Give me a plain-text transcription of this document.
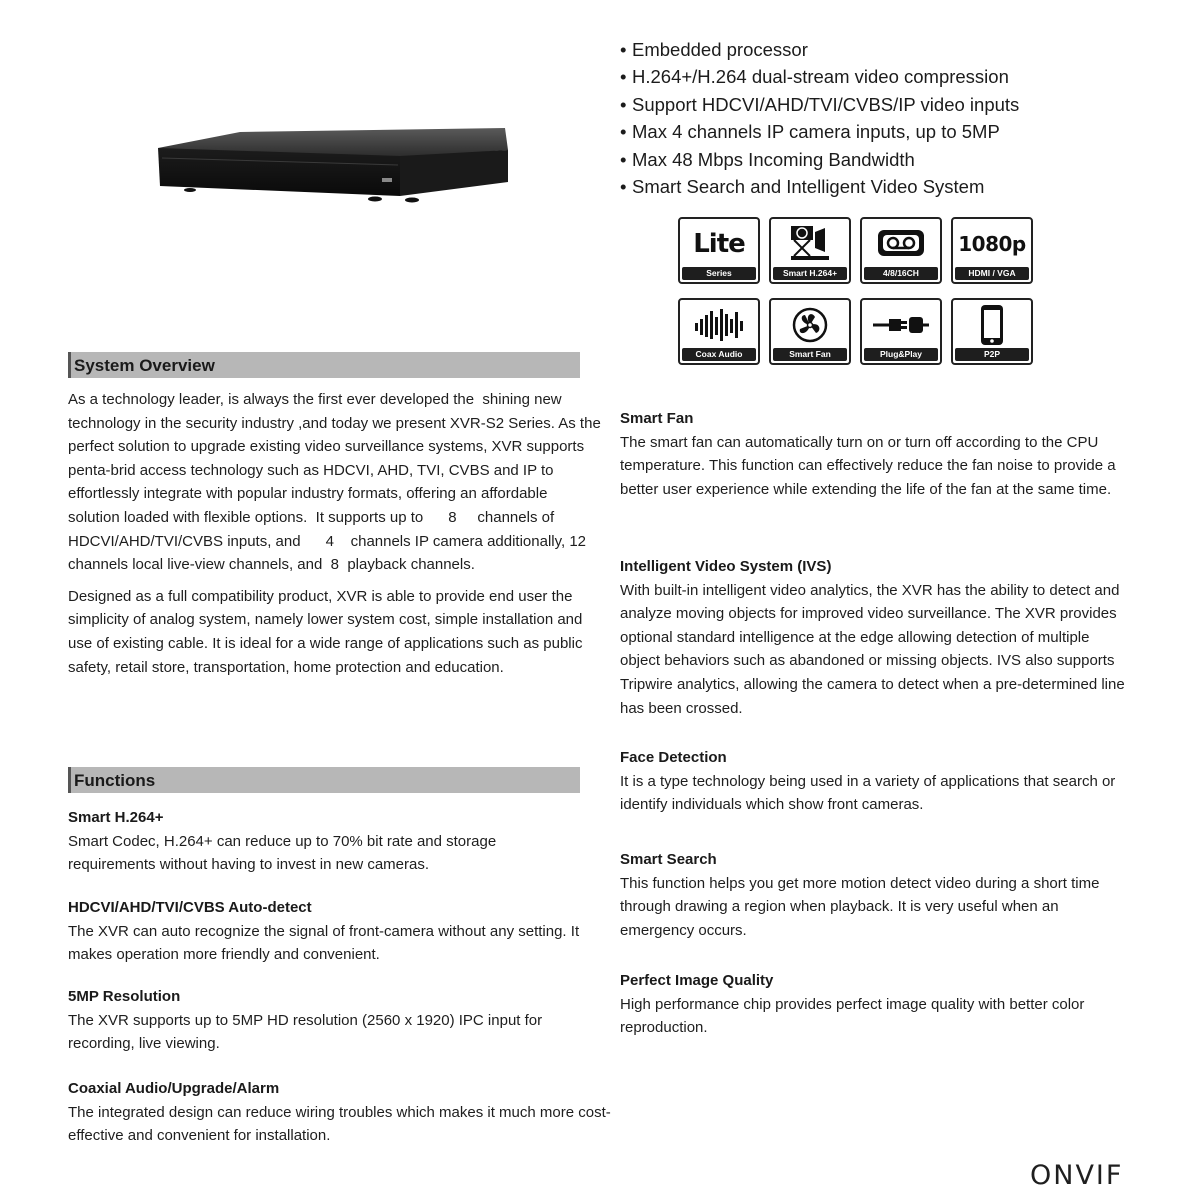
• Embedded processor
• H.264+/H.264 dual-stream video compression
• Support HDCVI/AHD/TVI/CVBS/IP video inputs
• Max 4 channels IP camera inputs, up to 5MP
• Max 48 Mbps Incoming Bandwidth
• Smart Search and Intelligent Video System
Lite
Series	Smart H.264+	4/8/16CH
1080p
HDMI / VGA
Coax Audio	Smart Fan	Plug&Play	P2P
System Overview

As a technology leader, is always the first ever developed the  shining new technology in the security industry ,and today we present XVR-S2 Series. As the perfect solution to upgrade existing video surveillance systems, XVR supports penta-brid access technology such as HDCVI, AHD, TVI, CVBS and IP to effortlessly integrate with popular industry formats, offering an affordable solution loaded with flexible options.  It supports up to      8     channels of HDCVI/AHD/TVI/CVBS inputs, and      4    channels IP camera additionally, 12 channels local live-view channels, and  8  playback channels.

Designed as a full compatibility product, XVR is able to provide end user the simplicity of analog system, namely lower system cost, simple installation and use of existing cable. It is ideal for a wide range of applications such as public safety, retail store, transportation, home protection and education.

Functions
Smart H.264+

Smart Codec, H.264+ can reduce up to 70% bit rate and storage requirements without having to invest in new cameras.

HDCVI/AHD/TVI/CVBS Auto-detect

The XVR can auto recognize the signal of front-camera without any setting. It makes operation more friendly and convenient.

5MP Resolution

The XVR supports up to 5MP HD resolution (2560 x 1920) IPC input for recording, live viewing.

Coaxial Audio/Upgrade/Alarm

The integrated design can reduce wiring troubles which makes it much more cost-effective and convenient for installation.

Smart Fan

The smart fan can automatically turn on or turn off according to the CPU temperature. This function can effectively reduce the fan noise to provide a better user experience while extending the life of the fan at the same time.

Intelligent Video System (IVS)

With built-in intelligent video analytics, the XVR has the ability to detect and analyze moving objects for improved video surveillance. The XVR provides optional standard intelligence at the edge allowing detection of multiple object behaviors such as abandoned or missing objects. IVS also supports Tripwire analytics, allowing the camera to detect when a pre-determined line has been crossed.

Face Detection

It is a type technology being used in a variety of applications that search or identify individuals which show front cameras.

Smart Search

This function helps you get more motion detect video during a short time through drawing a region when playback. It is very useful when an emergency occurs.

Perfect Image Quality

High performance chip provides perfect image quality with better color reproduction.

ONVIF
